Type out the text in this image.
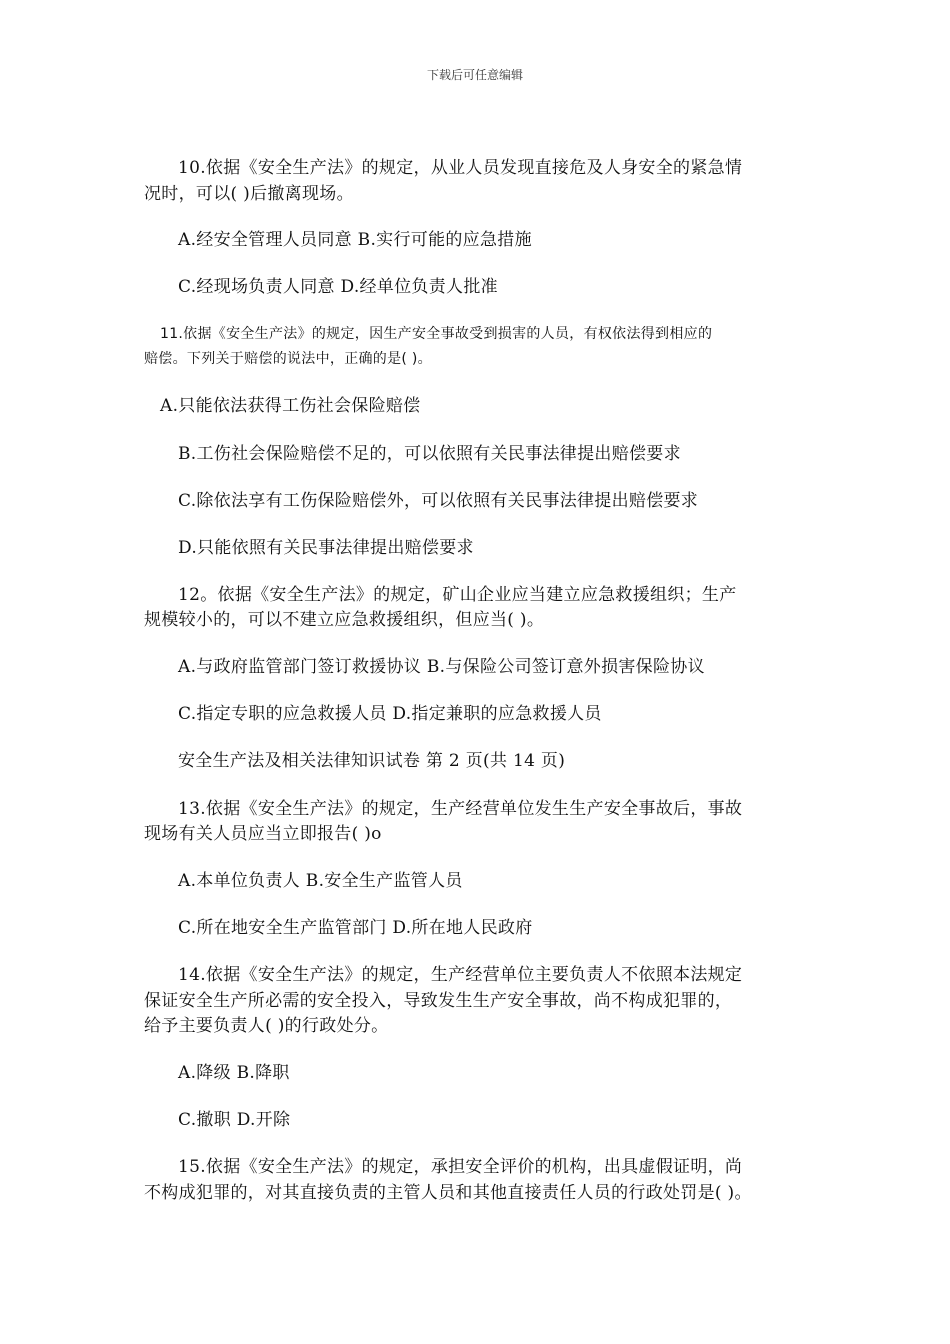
下载后可任意编辑
10.依据《安全生产法》的规定，从业人员发现直接危及人身安全的紧急情
况时，可以( )后撤离现场。
A.经安全管理人员同意 B.实行可能的应急措施
C.经现场负责人同意 D.经单位负责人批准
11.依据《安全生产法》的规定，因生产安全事故受到损害的人员，有权依法得到相应的
赔偿。下列关于赔偿的说法中，正确的是( )。
A.只能依法获得工伤社会保险赔偿
B.工伤社会保险赔偿不足的，可以依照有关民事法律提出赔偿要求
C.除依法享有工伤保险赔偿外，可以依照有关民事法律提出赔偿要求
D.只能依照有关民事法律提出赔偿要求
12。依据《安全生产法》的规定，矿山企业应当建立应急救援组织；生产
规模较小的，可以不建立应急救援组织，但应当( )。
A.与政府监管部门签订救援协议 B.与保险公司签订意外损害保险协议
C.指定专职的应急救援人员 D.指定兼职的应急救援人员
安全生产法及相关法律知识试卷 第 2 页(共 14 页)
13.依据《安全生产法》的规定，生产经营单位发生生产安全事故后，事故
现场有关人员应当立即报告( )o
A.本单位负责人 B.安全生产监管人员
C.所在地安全生产监管部门 D.所在地人民政府
14.依据《安全生产法》的规定，生产经营单位主要负责人不依照本法规定
保证安全生产所必需的安全投入，导致发生生产安全事故，尚不构成犯罪的，
给予主要负责人( )的行政处分。
A.降级 B.降职
C.撤职 D.开除
15.依据《安全生产法》的规定，承担安全评价的机构，出具虚假证明，尚
不构成犯罪的，对其直接负责的主管人员和其他直接责任人员的行政处罚是( )。
